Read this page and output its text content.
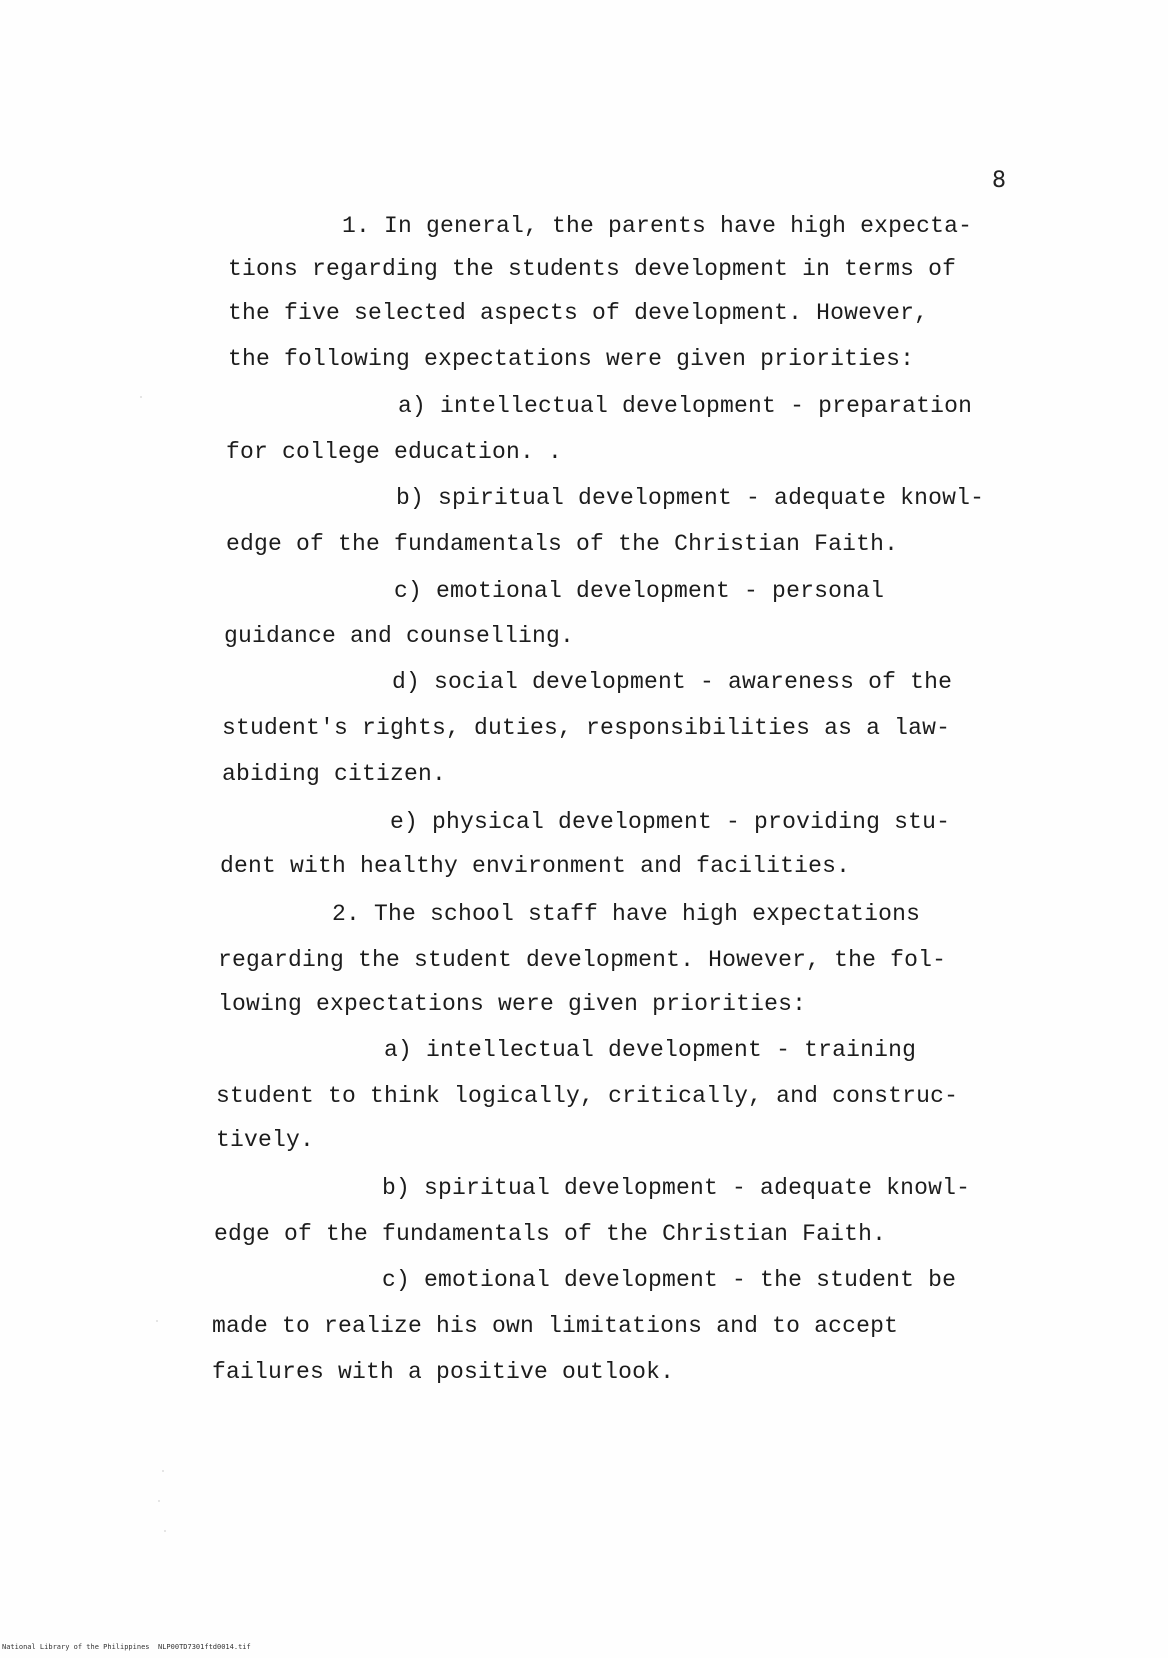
8
1. In general, the parents have high expecta-
tions regarding the students development in terms of
the five selected aspects of development. However,
the following expectations were given priorities:
a) intellectual development - preparation
for college education. .
b) spiritual development - adequate knowl-
edge of the fundamentals of the Christian Faith.
c) emotional development - personal
guidance and counselling.
d) social development - awareness of the
student's rights, duties, responsibilities as a law-
abiding citizen.
e) physical development - providing stu-
dent with healthy environment and facilities.
2. The school staff have high expectations
regarding the student development. However, the fol-
lowing expectations were given priorities:
a) intellectual development - training
student to think logically, critically, and construc-
tively.
b) spiritual development - adequate knowl-
edge of the fundamentals of the Christian Faith.
c) emotional development - the student be
made to realize his own limitations and to accept
failures with a positive outlook.
National Library of the Philippines NLP00TD7301ftd0014.tif
